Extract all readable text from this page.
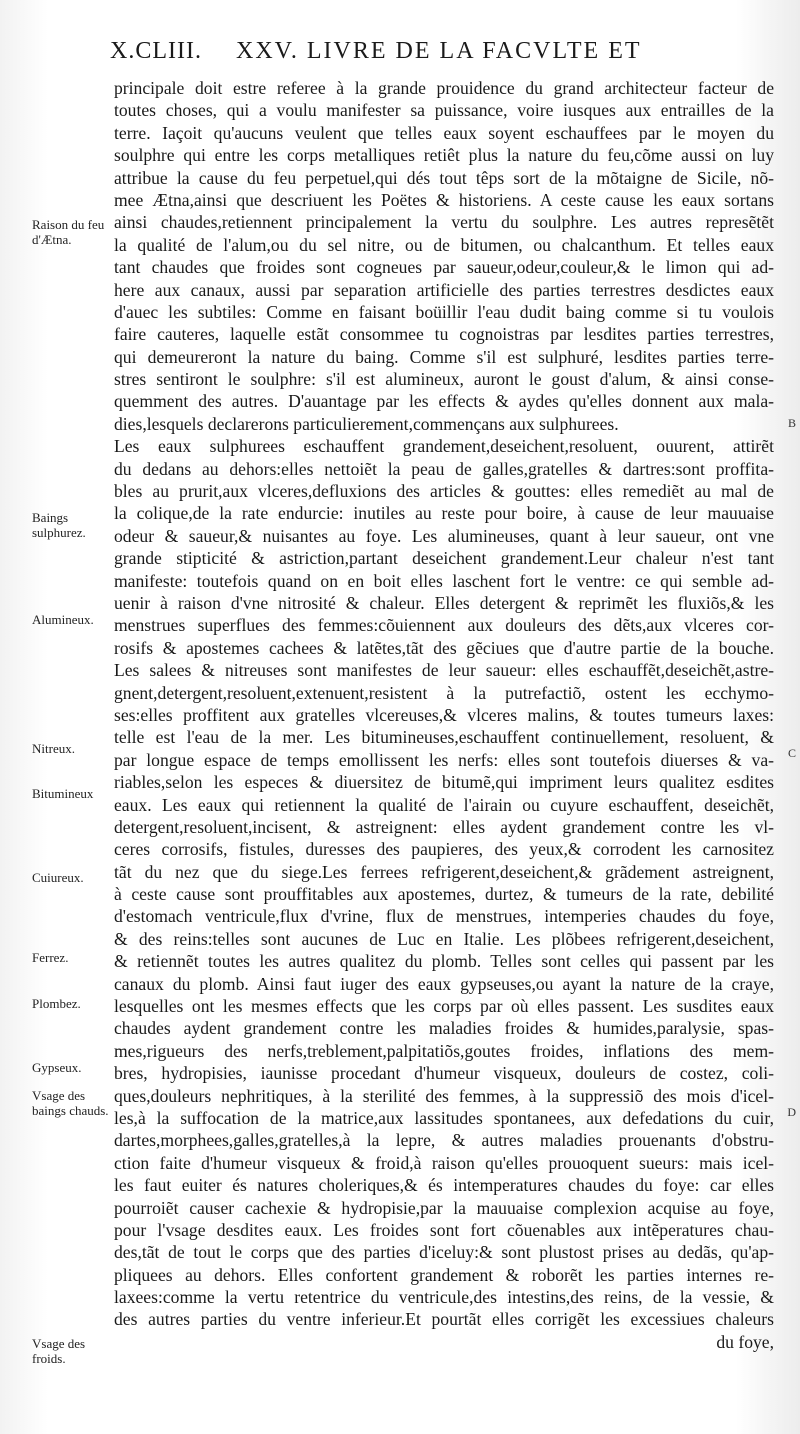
X.CLIII. XXV. LIVRE DE LA FACVLTE ET
principale doit estre referee à la grande prouidence du grand architecteur facteur de
toutes choses, qui a voulu manifester sa puissance, voire iusques aux entrailles de la
terre. Iaçoit qu'aucuns veulent que telles eaux soyent eschauffees par le moyen du
soulphre qui entre les corps metalliques retiêt plus la nature du feu,cõme aussi on luy
attribue la cause du feu perpetuel,qui dés tout têps sort de la mõtaigne de Sicile, nõ-
mee Ætna,ainsi que descriuent les Poëtes & historiens. A ceste cause les eaux sortans
ainsi chaudes,retiennent principalement la vertu du soulphre. Les autres represẽtẽt
la qualité de l'alum,ou du sel nitre, ou de bitumen, ou chalcanthum. Et telles eaux
tant chaudes que froides sont cogneues par saueur,odeur,couleur,& le limon qui ad-
here aux canaux, aussi par separation artificielle des parties terrestres desdictes eaux
d'auec les subtiles: Comme en faisant boüillir l'eau dudit baing comme si tu voulois
faire cauteres, laquelle estãt consommee tu cognoistras par lesdites parties terrestres,
qui demeureront la nature du baing. Comme s'il est sulphuré, lesdites parties terre-
stres sentiront le soulphre: s'il est alumineux, auront le goust d'alum, & ainsi conse-
quemment des autres. D'auantage par les effects & aydes qu'elles donnent aux mala-
dies,lesquels declarerons particulierement,commençans aux sulphurees.
Les eaux sulphurees eschauffent grandement,deseichent,resoluent, ouurent, attirẽt
du dedans au dehors:elles nettoiẽt la peau de galles,gratelles & dartres:sont proffita-
bles au prurit,aux vlceres,defluxions des articles & gouttes: elles remediẽt au mal de
la colique,de la rate endurcie: inutiles au reste pour boire, à cause de leur mauuaise
odeur & saueur,& nuisantes au foye. Les alumineuses, quant à leur saueur, ont vne
grande stipticité & astriction,partant deseichent grandement.Leur chaleur n'est tant
manifeste: toutefois quand on en boit elles laschent fort le ventre: ce qui semble ad-
uenir à raison d'vne nitrosité & chaleur. Elles detergent & reprimẽt les fluxiõs,& les
menstrues superflues des femmes:cõuiennent aux douleurs des dẽts,aux vlceres cor-
rosifs & apostemes cachees & latẽtes,tãt des gẽciues que d'autre partie de la bouche.
Les salees & nitreuses sont manifestes de leur saueur: elles eschauffẽt,deseichẽt,astre-
gnent,detergent,resoluent,extenuent,resistent à la putrefactiõ, ostent les ecchymo-
ses:elles proffitent aux gratelles vlcereuses,& vlceres malins, & toutes tumeurs laxes:
telle est l'eau de la mer. Les bitumineuses,eschauffent continuellement, resoluent, &
par longue espace de temps emollissent les nerfs: elles sont toutefois diuerses & va-
riables,selon les especes & diuersitez de bitumẽ,qui impriment leurs qualitez esdites
eaux. Les eaux qui retiennent la qualité de l'airain ou cuyure eschauffent, deseichẽt,
detergent,resoluent,incisent, & astreignent: elles aydent grandement contre les vl-
ceres corrosifs, fistules, duresses des paupieres, des yeux,& corrodent les carnositez
tãt du nez que du siege.Les ferrees refrigerent,deseichent,& grãdement astreignent,
à ceste cause sont prouffitables aux apostemes, durtez, & tumeurs de la rate, debilité
d'estomach ventricule,flux d'vrine, flux de menstrues, intemperies chaudes du foye,
& des reins:telles sont aucunes de Luc en Italie. Les plõbees refrigerent,deseichent,
& retiennẽt toutes les autres qualitez du plomb. Telles sont celles qui passent par les
canaux du plomb. Ainsi faut iuger des eaux gypseuses,ou ayant la nature de la craye,
lesquelles ont les mesmes effects que les corps par où elles passent. Les susdites eaux
chaudes aydent grandement contre les maladies froides & humides,paralysie, spas-
mes,rigueurs des nerfs,treblement,palpitatiõs,goutes froides, inflations des mem-
bres, hydropisies, iaunisse procedant d'humeur visqueux, douleurs de costez, coli-
ques,douleurs nephritiques, à la sterilité des femmes, à la suppressiõ des mois d'icel-
les,à la suffocation de la matrice,aux lassitudes spontanees, aux defedations du cuir,
dartes,morphees,galles,gratelles,à la lepre, & autres maladies prouenants d'obstru-
ction faite d'humeur visqueux & froid,à raison qu'elles prouoquent sueurs: mais icel-
les faut euiter és natures choleriques,& és intemperatures chaudes du foye: car elles
pourroiẽt causer cachexie & hydropisie,par la mauuaise complexion acquise au foye,
pour l'vsage desdites eaux. Les froides sont fort cõuenables aux intẽperatures chau-
des,tãt de tout le corps que des parties d'iceluy:& sont plustost prises au dedãs, qu'ap-
pliquees au dehors. Elles confortent grandement & roborẽt les parties internes re-
laxees:comme la vertu retentrice du ventricule,des intestins,des reins, de la vessie, &
des autres parties du ventre inferieur.Et pourtãt elles corrigẽt les excessiues chaleurs
du foye,
Raison du feu d'Ætna.
Baings sulphurez.
Alumineux.
Nitreux.
Bitumineux
Cuiureux.
Ferrez.
Plombez.
Gypseux.
Vsage des baings chauds.
Vsage des froids.
B
C
D
